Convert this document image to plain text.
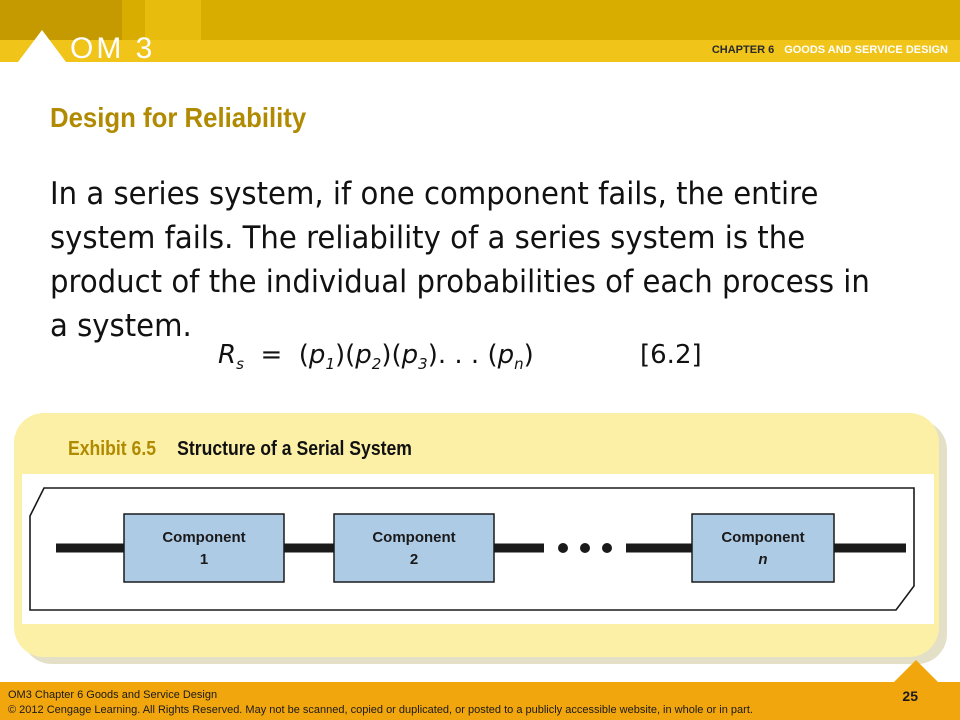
OM 3	CHAPTER 6 GOODS AND SERVICE DESIGN
Design for Reliability
In a series system, if one component fails, the entire system fails. The reliability of a series system is the product of the individual probabilities of each process in a system.
$R_s = (p_1)(p_2)(p_3)$. . . $(p_n)$	[6.2]
Exhibit 6.5 Structure of a Serial System
Component
1
Component
2
Component
n
OM3 Chapter 6 Goods and Service Design
© 2012 Cengage Learning. All Rights Reserved. May not be scanned, copied or duplicated, or posted to a publicly accessible website, in whole or in part.
25
